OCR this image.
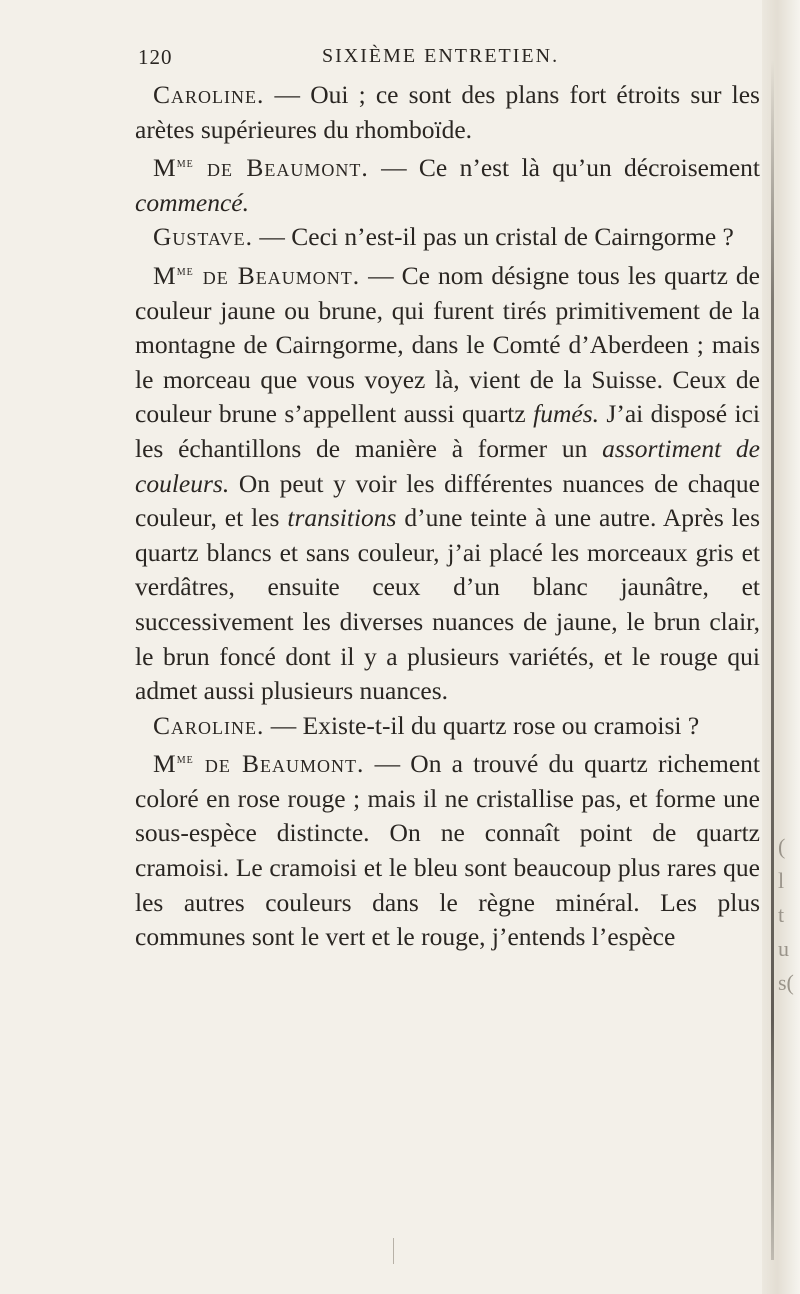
(
l
t
u
s(
120	SIXIÈME ENTRETIEN.

Caroline. — Oui ; ce sont des plans fort étroits sur les arètes supérieures du rhomboïde.

$M^{me}$ de Beaumont. — Ce n’est là qu’un décroisement commencé.

Gustave. — Ceci n’est-il pas un cristal de Cairngorme ?

$M^{me}$ de Beaumont. — Ce nom désigne tous les quartz de couleur jaune ou brune, qui furent tirés primitivement de la montagne de Cairngorme, dans le Comté d’Aberdeen ; mais le morceau que vous voyez là, vient de la Suisse. Ceux de couleur brune s’appellent aussi quartz fumés. J’ai disposé ici les échantillons de manière à former un assortiment de couleurs. On peut y voir les différentes nuances de chaque couleur, et les transitions d’une teinte à une autre. Après les quartz blancs et sans couleur, j’ai placé les morceaux gris et verdâtres, ensuite ceux d’un blanc jaunâtre, et successivement les diverses nuances de jaune, le brun clair, le brun foncé dont il y a plusieurs variétés, et le rouge qui admet aussi plusieurs nuances.

Caroline. — Existe-t-il du quartz rose ou cramoisi ?

$M^{me}$ de Beaumont. — On a trouvé du quartz richement coloré en rose rouge ; mais il ne cristallise pas, et forme une sous-espèce distincte. On ne connaît point de quartz cramoisi. Le cramoisi et le bleu sont beaucoup plus rares que les autres couleurs dans le règne minéral. Les plus communes sont le vert et le rouge, j’entends l’espèce
